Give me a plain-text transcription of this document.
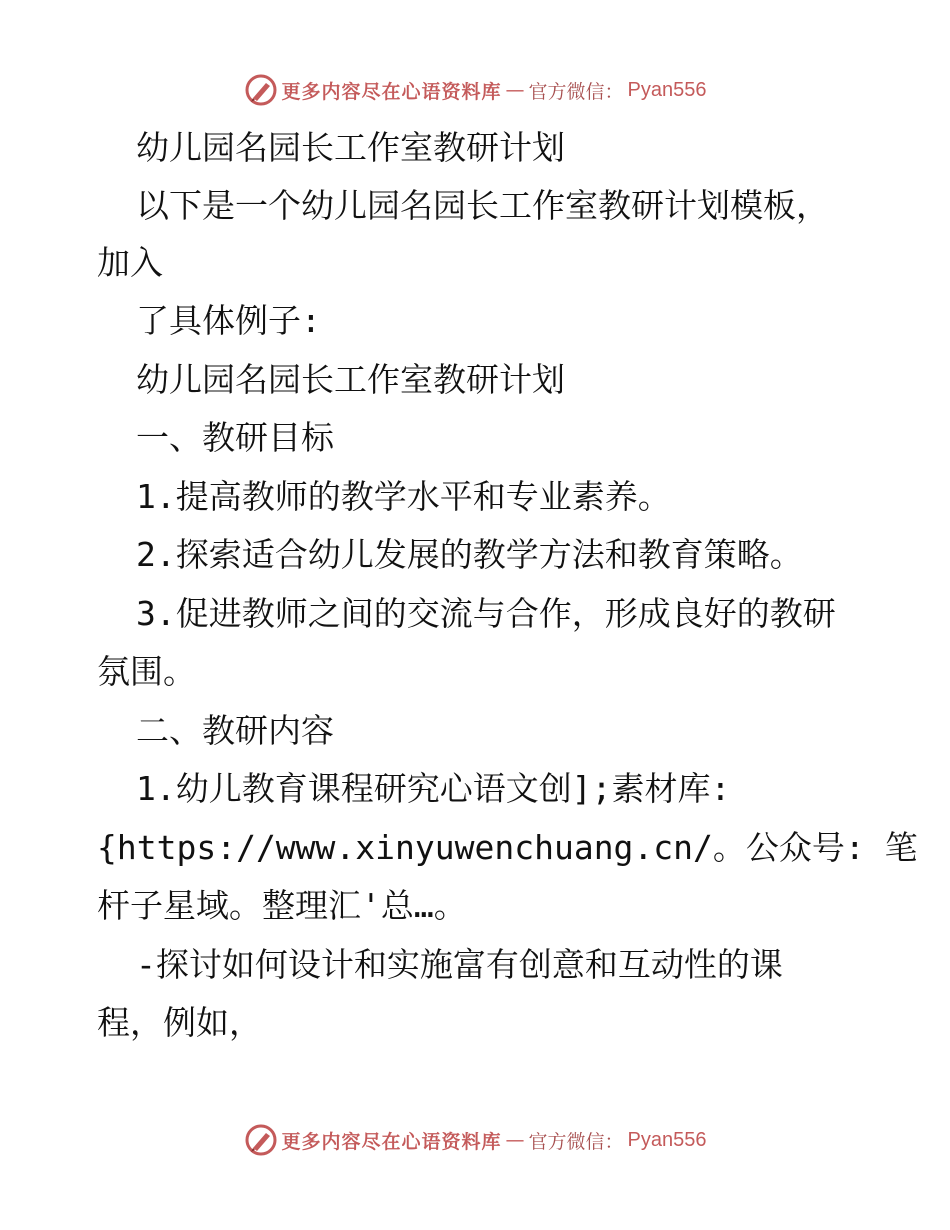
更多内容尽在心语资料库 — 官方微信： Pyan556
幼儿园名园长工作室教研计划
以下是一个幼儿园名园长工作室教研计划模板，
加入
了具体例子:
幼儿园名园长工作室教研计划
一、教研目标
1.提高教师的教学水平和专业素养。
2.探索适合幼儿发展的教学方法和教育策略。
3.促进教师之间的交流与合作，形成良好的教研
氛围。
二、教研内容
1.幼儿教育课程研究心语文创];素材库:
{https://www.xinyuwenchuang.cn/。公众号: 笔
杆子星域。整理汇'总…。
-探讨如何设计和实施富有创意和互动性的课
程，例如，
更多内容尽在心语资料库 — 官方微信： Pyan556
